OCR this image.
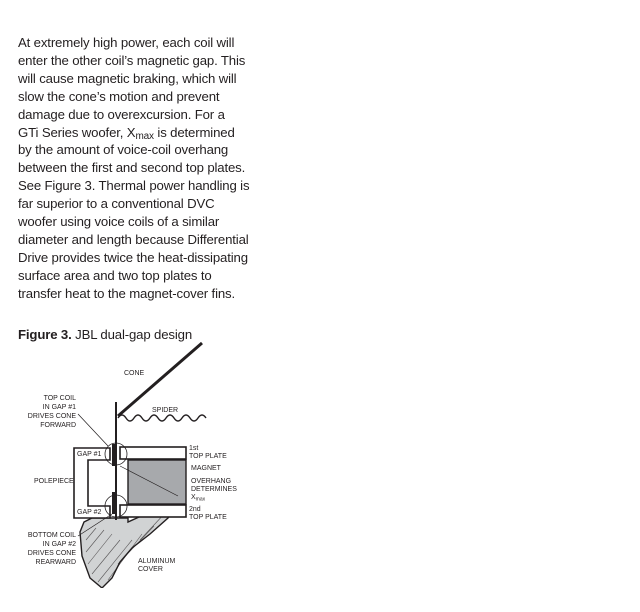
At extremely high power, each coil will
enter the other coil’s magnetic gap. This
will cause magnetic braking, which will
slow the cone’s motion and prevent
damage due to overexcursion. For a
GTi Series woofer, $X_{max}$ is determined
by the amount of voice-coil overhang
between the first and second top plates.
See Figure 3. Thermal power handling is
far superior to a conventional DVC
woofer using voice coils of a similar
diameter and length because Differential
Drive provides twice the heat-dissipating
surface area and two top plates to
transfer heat to the magnet-cover fins.
Figure 3. JBL dual-gap design
CONE
SPIDER
TOP COIL
IN GAP #1
DRIVES CONE
FORWARD
GAP #1
GAP #2
POLEPIECE
1st
TOP PLATE
MAGNET
OVERHANG
DETERMINES
$X_{max}$
2nd
TOP PLATE
BOTTOM COIL
IN GAP #2
DRIVES CONE
REARWARD	ALUMINUM
COVER
